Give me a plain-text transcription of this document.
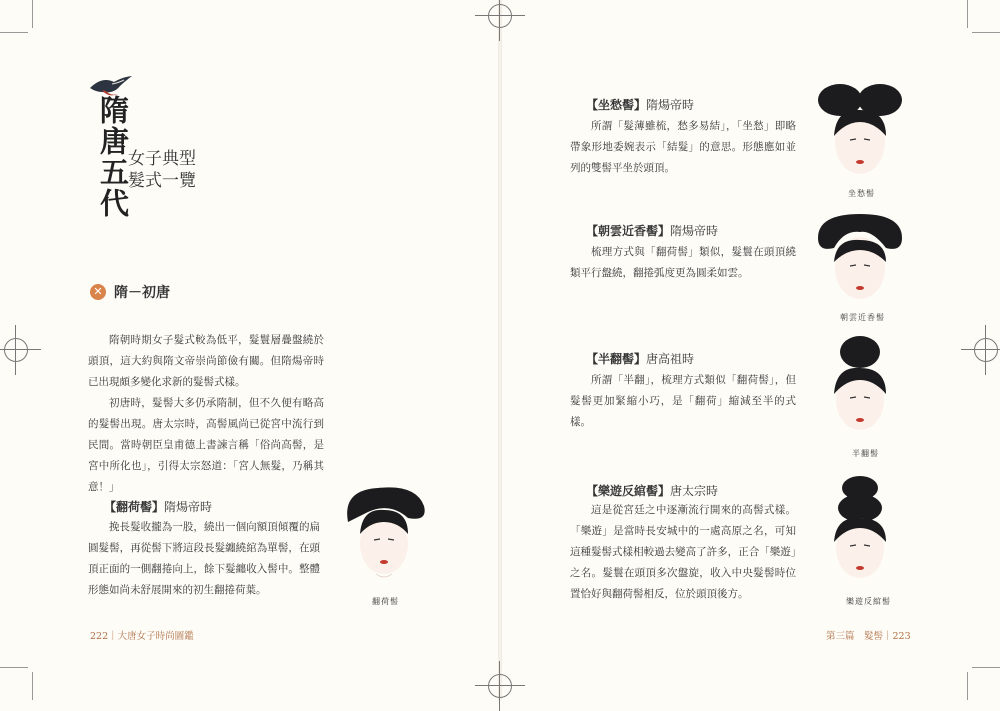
隋唐五代
女子典型
髮式一覽
✕ 隋－初唐

隋朝時期女子髮式較為低平，髮鬟層疊盤繞於頭頂，這大約與隋文帝崇尚節儉有關。但隋煬帝時已出現頗多變化求新的髮髻式樣。

初唐時，髮髻大多仍承隋制，但不久便有略高的髮髻出現。唐太宗時，高髻風尚已從宮中流行到民間。當時朝臣皇甫德上書諫言稱「俗尚高髻，是宮中所化也」，引得太宗怒道：「宮人無髮，乃稱其意！」

【翻荷髻】隋煬帝時

挽長髮收攏為一股，繞出一個向額頂傾覆的扁圓髮髻，再從髻下將這段長髮纏繞綰為單髻，在頭頂正面的一側翻捲向上，餘下髮纏收入髻中。整體形態如尚未舒展開來的初生翻捲荷葉。

【坐愁髻】隋煬帝時

所謂「髮薄雖梳，愁多易結」，「坐愁」即略帶象形地委婉表示「結髮」的意思。形態應如並列的雙髻平坐於頭頂。

【朝雲近香髻】隋煬帝時

梳理方式與「翻荷髻」類似，髮鬟在頭頂繞類平行盤繞，翻捲弧度更為圓柔如雲。

【半翻髻】唐高祖時

所謂「半翻」，梳理方式類似「翻荷髻」，但髮髻更加緊縮小巧，是「翻荷」縮減至半的式樣。

【樂遊反綰髻】唐太宗時

這是從宮廷之中逐漸流行開來的高髻式樣。「樂遊」是當時長安城中的一處高原之名，可知這種髮髻式樣相較過去變高了許多，正合「樂遊」之名。髮鬟在頭頂多次盤旋，收入中央髮髻時位置恰好與翻荷髻相反，位於頭頂後方。

翻荷髻
坐愁髻
朝雲近香髻
半翻髻
樂遊反綰髻
222｜大唐女子時尚圖鑑	第三篇　髮髻｜223
